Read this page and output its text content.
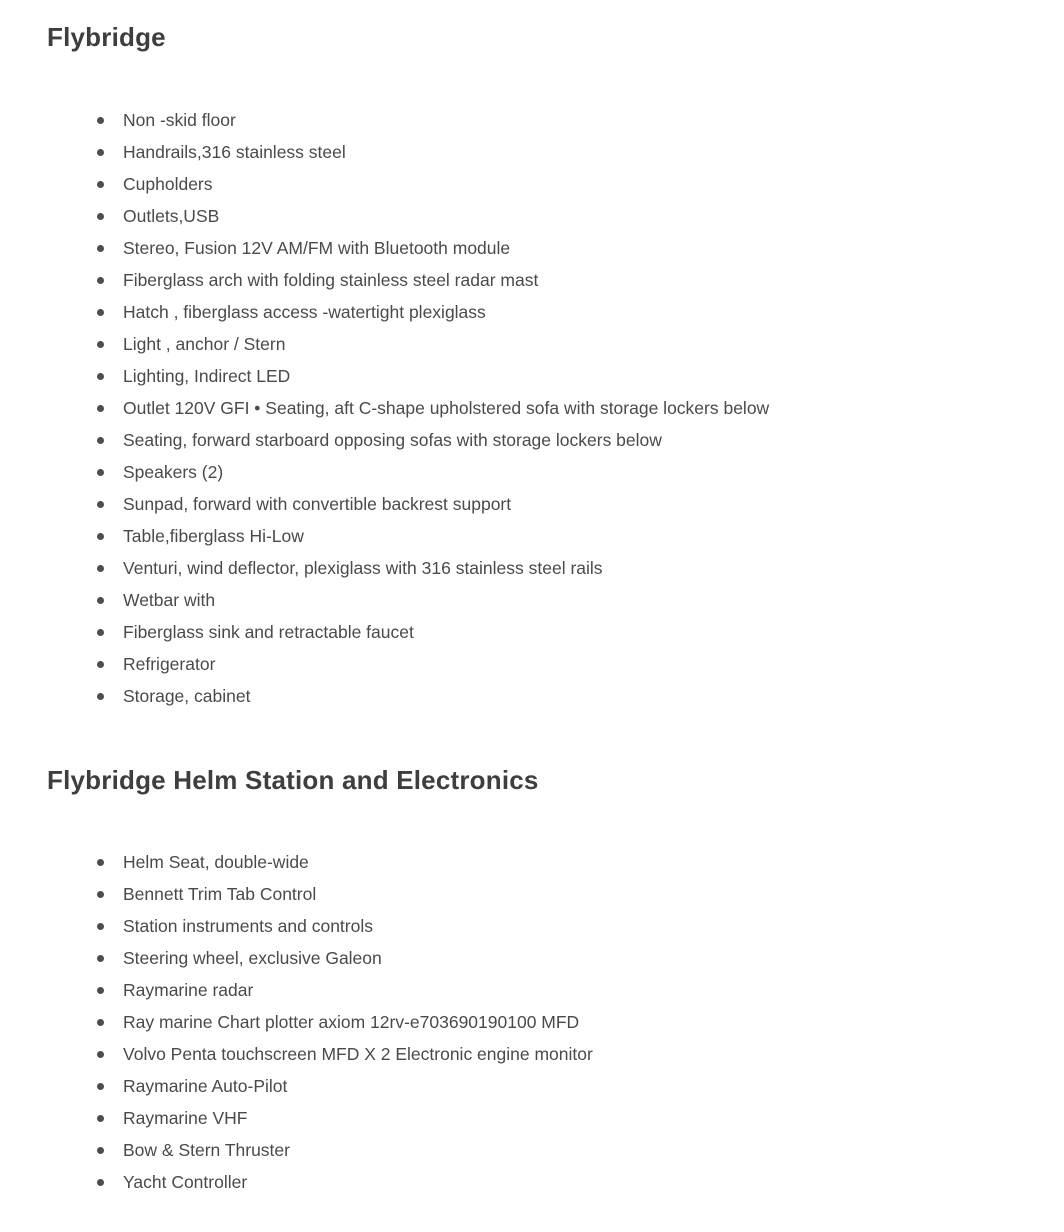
Flybridge
Non -skid floor
Handrails,316 stainless steel
Cupholders
Outlets,USB
Stereo, Fusion 12V AM/FM with Bluetooth module
Fiberglass arch with folding stainless steel radar mast
Hatch , fiberglass access -watertight plexiglass
Light , anchor / Stern
Lighting, Indirect LED
Outlet 120V GFI • Seating, aft C-shape upholstered sofa with storage lockers below
Seating, forward starboard opposing sofas with storage lockers below
Speakers (2)
Sunpad, forward with convertible backrest support
Table,fiberglass Hi-Low
Venturi, wind deflector, plexiglass with 316 stainless steel rails
Wetbar with
Fiberglass sink and retractable faucet
Refrigerator
Storage, cabinet
Flybridge Helm Station and Electronics
Helm Seat, double-wide
Bennett Trim Tab Control
Station instruments and controls
Steering wheel, exclusive Galeon
Raymarine radar
Ray marine Chart plotter axiom 12rv-e703690190100 MFD
Volvo Penta touchscreen MFD X 2 Electronic engine monitor
Raymarine Auto-Pilot
Raymarine VHF
Bow & Stern Thruster
Yacht Controller
